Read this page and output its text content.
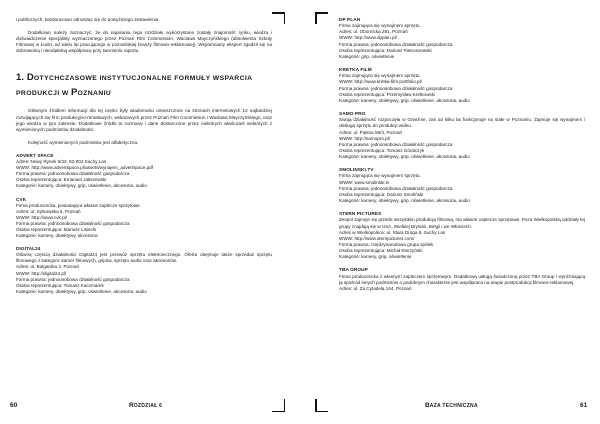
i publicznych, każdorazowo odnosząc się do powyższego zestawienia.

Dodatkowo należy zaznaczyć, że do napisania tego rozdziału wykorzystane zostały znajomość rynku, wiedza i doświadczenie specjalisty wyznaczonego przez Poznań Film Commission, Waclawa Mayczyńskiego (absolwenta Szkoły Filmowej w Łodzi, od wielu lat pracującego w poznańskiej branży filmowo-reklamowej). Wspomniany ekspert zgodził się na dobrowolną i nieodpłatną współpracę przy tworzeniu raportu.

1. DOTYCHCZASOWE INSTYTUCJONALNE FORMUŁY WSPARCIA
PRODUKCJI W POZNANIU

Głównym źródłem informacji dla tej części były wiadomości umieszczone na stronach internetowych 12 najbardziej rozwijających się firm produkcyjno-rentalowych, wskazanych przez Poznań Film Commission i Waclawa Mayczyńskiego, oraz jego wiedza w tym zakresie. Dodatkowe źródło to rozmowy i dane dostarczone przez niektórych właścicieli niektórych z wymienionych podmiotów działalności.

Kolejność wymienionych podmiotów jest alfabetyczna.

ADVERT SPACE

Adres: Nowy Rynek 6/22, 62-002 Suchy Las

WWW: http://www.advertspace.pl/assets/wynajem_advertspace.pdf

Forma prawna: jednoosobowa działalność gospodarcza

Osoba reprezentująca: Emanuel Jakszewski

Kategorie: kamery, obiektywy, grip, oświetlenie, akcesoria, audio

CVK

Firma producencka, posiadająca własne zaplecze sprzętowe.

Adres: ul. Sytkowska 6, Poznań

WWW: http://www.cvk.pl/

Forma prawna: jednoosobowa działalność gospodarcza

Osoba reprezentująca: Mariusz Lisiecki

Kategorie: kamery, obiektywy, akcesoria

DIGITAL24

Główną częścią działalności Digital24 jest przewóz sprzętu elektronicznego. Oferta obejmuje także sprzedaż sprzętu filmowego z kategorii: kamer filmowych, gripów, sprzętu audio oraz akcesoriów.

Adres: ul. Bułgarska 2, Poznań

WWW: http://digital24.pl/

Forma prawna: jednoosobowa działalność gospodarcza

Osoba reprezentująca: Tomasz Kaczmarek

Kategorie: kamery, obiektywy, grip, oświetlenie, akcesoria, audio

60	ROZDZIAŁ 6	BAZA TECHNICZNA	61

DP PLAN

Firma zajmująca się wynajmem sprzętu.

Adres: ul. Obornicka 291, Poznań

WWW: http://www.dpplan.pl/

Forma prawna: jednoosobowa działalność gospodarcza

Osoba reprezentująca: Dariusz Pietruszewski

Kategorie: grip, oświetlenie

KRETKA FILM

Firma zajmująca się wynajmem sprzętu.

WWW: http://www.kretka-film.portfolio.pl/

Forma prawna: jednoosobowa działalność gospodarcza

Osoba reprezentująca: Przemysław Kretkowski

Kategorie: kamery, obiektywy, grip, oświetlenie, akcesoria, audio

SAMO PRO

Swoją działalność rozpoczęła w Gnieźnie, zaś od kilku lat funkcjonuje na stałe w Poznaniu. Zajmuje się wynajmem i obsługą sprzętu do produkcji wideo.

Adres: ul. Piękna 59/3, Poznań

WWW: http://samopro.pl/

Forma prawna: jednoosobowa działalność gospodarcza

Osoba reprezentująca: Tomasz Góralczyk

Kategorie: kamery, obiektywy, grip, oświetlenie, akcesoria, audio

SMOLINSKI.TV

Firma zajmująca się wynajmem sprzętu.

WWW: www.smolinski.tv

Forma prawna: jednoosobowa działalność gospodarcza

Osoba reprezentująca: Dariusz Smoliński

Kategorie: kamery, obiektywy, grip, oświetlenie, akcesoria, audio

STERN PICTURES

Zespół zajmuje się przede wszystkim produkcją filmową, ma własne zaplecze sprzętowe. Poza Wielkopolską oddziały tej grupy znajdują się w USA, Wielkiej Brytanii, Belgii i we Włoszech.

Adres w Wielkopolsce: ul. Stara Droga 8, Suchy Las

WWW: http://www.sternpictures.com/

Forma prawna: międzynarodowa grupa spółek

Osoba reprezentująca: Michał Sterzyński

Kategorie: kamery, grip, oświetlenie

TBA GROUP

Firma producencka z własnym zapleczem sprzętowym. Dodatkową usługą świadczoną przez TBA Group i wyróżniającą ją spośród innych podmiotów o podobnym charakterze jest współpraca na etapie postprodukcji filmowo-reklamowej.

Adres: ul. Za Cytadelą 144, Poznań
